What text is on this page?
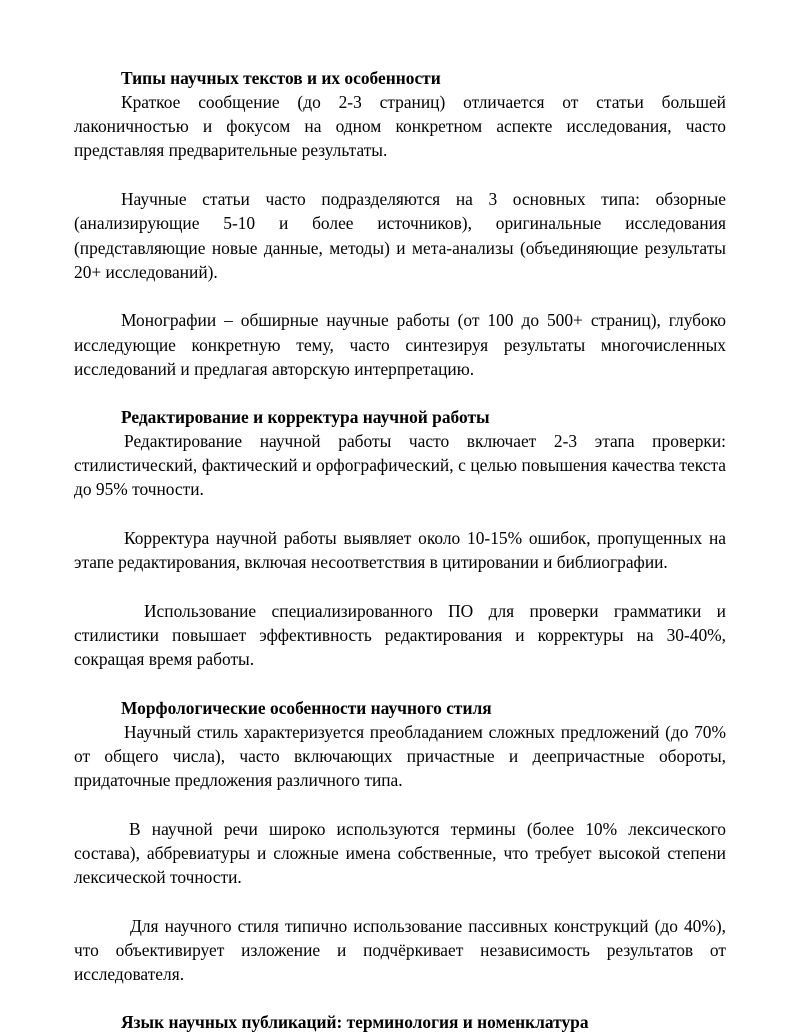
Типы научных текстов и их особенности

Краткое сообщение (до 2-3 страниц) отличается от статьи большей лаконичностью и фокусом на одном конкретном аспекте исследования, часто представляя предварительные результаты.

Научные статьи часто подразделяются на 3 основных типа: обзорные (анализирующие 5-10 и более источников), оригинальные исследования (представляющие новые данные, методы) и мета-анализы (объединяющие результаты 20+ исследований).

Монографии – обширные научные работы (от 100 до 500+ страниц), глубоко исследующие конкретную тему, часто синтезируя результаты многочисленных исследований и предлагая авторскую интерпретацию.

Редактирование и корректура научной работы

Редактирование научной работы часто включает 2-3 этапа проверки: стилистический, фактический и орфографический, с целью повышения качества текста до 95% точности.

Корректура научной работы выявляет около 10-15% ошибок, пропущенных на этапе редактирования, включая несоответствия в цитировании и библиографии.

Использование специализированного ПО для проверки грамматики и стилистики повышает эффективность редактирования и корректуры на 30-40%, сокращая время работы.

Морфологические особенности научного стиля

Научный стиль характеризуется преобладанием сложных предложений (до 70% от общего числа), часто включающих причастные и деепричастные обороты, придаточные предложения различного типа.

В научной речи широко используются термины (более 10% лексического состава), аббревиатуры и сложные имена собственные, что требует высокой степени лексической точности.

Для научного стиля типично использование пассивных конструкций (до 40%), что объективирует изложение и подчёркивает независимость результатов от исследователя.

Язык научных публикаций: терминология и номенклатура
